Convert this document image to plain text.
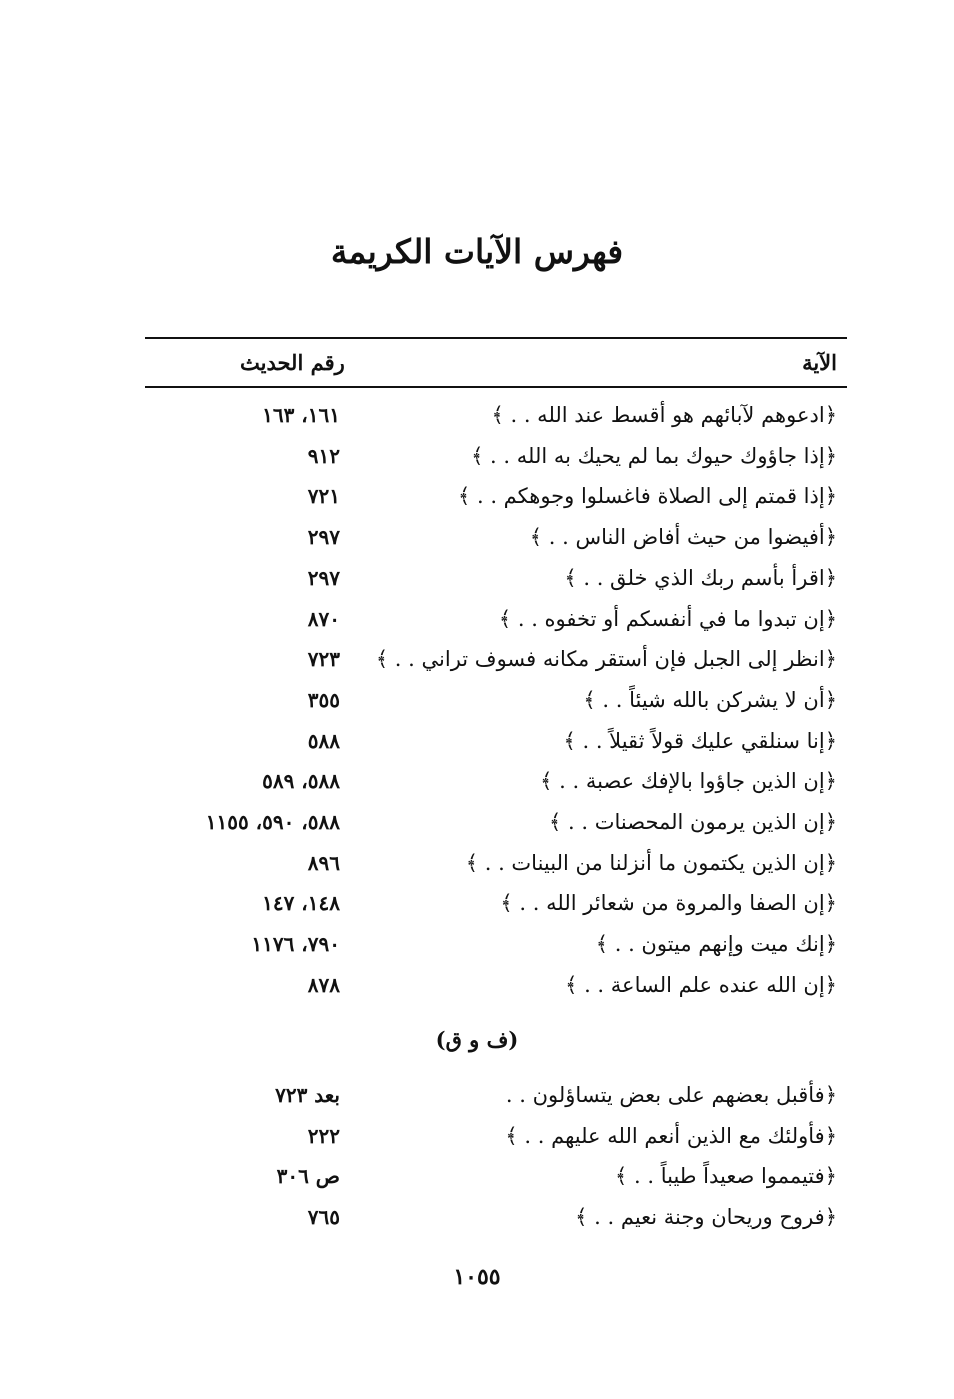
فهرس الآيات الكريمة
الآية
رقم الحديث
﴿ادعوهم لآبائهم هو أقسط عند الله . . ﴾
١٦١، ١٦٣
﴿إذا جاؤوك حيوك بما لم يحيك به الله . . ﴾
٩١٢
﴿إذا قمتم إلى الصلاة فاغسلوا وجوهكم . . ﴾
٧٢١
﴿أفيضوا من حيث أفاض الناس . . ﴾
٢٩٧
﴿اقرأ بأسم ربك الذي خلق . . ﴾
٢٩٧
﴿إن تبدوا ما في أنفسكم أو تخفوه . . ﴾
٨٧٠
﴿انظر إلى الجبل فإن أستقر مكانه فسوف تراني . . ﴾
٧٢٣
﴿أن لا يشركن بالله شيئاً . . ﴾
٣٥٥
﴿إنا سنلقي عليك قولاً ثقيلاً . . ﴾
٥٨٨
﴿إن الذين جاؤوا بالإفك عصبة . . ﴾
٥٨٨، ٥٨٩
﴿إن الذين يرمون المحصنات . . ﴾
٥٨٨، ٥٩٠، ١١٥٥
﴿إن الذين يكتمون ما أنزلنا من البينات . . ﴾
٨٩٦
﴿إن الصفا والمروة من شعائر الله . . ﴾
١٤٨، ١٤٧
﴿إنك ميت وإنهم ميتون . . ﴾
٧٩٠، ١١٧٦
﴿إن الله عنده علم الساعة . . ﴾
٨٧٨
(ف و ق)
﴿فأقبل بعضهم على بعض يتساؤلون . .
بعد ٧٢٣
﴿فأولئك مع الذين أنعم الله عليهم . . ﴾
٢٢٢
﴿فتيمموا صعيداً طيباً . . ﴾
ص ٣٠٦
﴿فروح وريحان وجنة نعيم . . ﴾
٧٦٥
١٠٥٥
